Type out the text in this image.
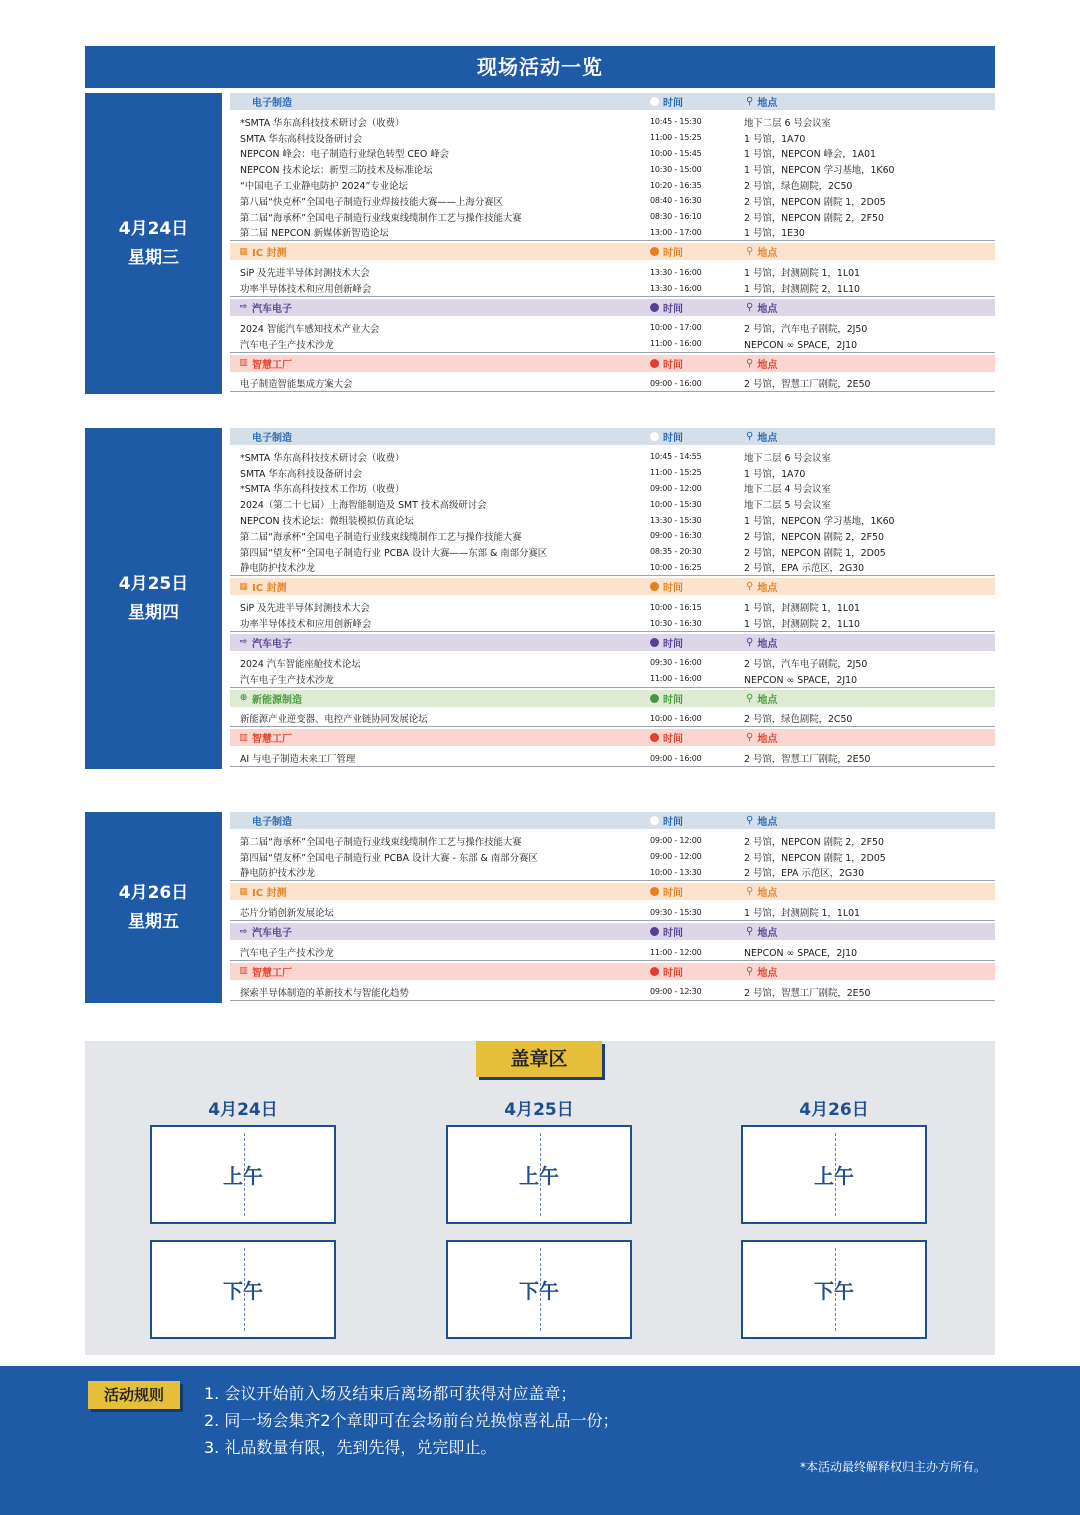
现场活动一览
4月24日
星期三
电子制造	时间	⚲ 地点
*SMTA 华东高科技技术研讨会（收费）	10:45 - 15:30	地下二层 6 号会议室
SMTA 华东高科技设备研讨会	11:00 - 15:25	1 号馆，1A70
NEPCON 峰会：电子制造行业绿色转型 CEO 峰会	10:00 - 15:45	1 号馆，NEPCON 峰会，1A01
NEPCON 技术论坛：新型三防技术及标准论坛	10:30 - 15:00	1 号馆，NEPCON 学习基地，1K60
“中国电子工业静电防护 2024”专业论坛	10:20 - 16:35	2 号馆，绿色剧院，2C50
第八届“快克杯”全国电子制造行业焊接技能大赛——上海分赛区	08:40 - 16:30	2 号馆，NEPCON 剧院 1，2D05
第二届“海承杯”全国电子制造行业线束线缆制作工艺与操作技能大赛	08:30 - 16:10	2 号馆，NEPCON 剧院 2，2F50
第二届 NEPCON 新媒体新智造论坛	13:00 - 17:00	1 号馆，1E30
▦ IC 封测	时间	⚲ 地点
SiP 及先进半导体封测技术大会	13:30 - 16:00	1 号馆，封测剧院 1，1L01
功率半导体技术和应用创新峰会	13:30 - 16:00	1 号馆，封测剧院 2，1L10
⇨ 汽车电子	时间	⚲ 地点
2024 智能汽车感知技术产业大会	10:00 - 17:00	2 号馆，汽车电子剧院，2J50
汽车电子生产技术沙龙	11:00 - 16:00	NEPCON ∞ SPACE，2J10
▥ 智慧工厂	时间	⚲ 地点
电子制造智能集成方案大会	09:00 - 16:00	2 号馆，智慧工厂剧院，2E50
4月25日
星期四
电子制造	时间	⚲ 地点
*SMTA 华东高科技技术研讨会（收费）	10:45 - 14:55	地下二层 6 号会议室
SMTA 华东高科技设备研讨会	11:00 - 15:25	1 号馆，1A70
*SMTA 华东高科技技术工作坊（收费）	09:00 - 12:00	地下二层 4 号会议室
2024（第二十七届）上海智能制造及 SMT 技术高级研讨会	10:00 - 15:30	地下二层 5 号会议室
NEPCON 技术论坛：微组装模拟仿真论坛	13:30 - 15:30	1 号馆，NEPCON 学习基地，1K60
第二届“海承杯”全国电子制造行业线束线缆制作工艺与操作技能大赛	09:00 - 16:30	2 号馆，NEPCON 剧院 2，2F50
第四届“望友杯”全国电子制造行业 PCBA 设计大赛——东部 & 南部分赛区	08:35 - 20:30	2 号馆，NEPCON 剧院 1，2D05
静电防护技术沙龙	10:00 - 16:25	2 号馆，EPA 示范区，2G30
▦ IC 封测	时间	⚲ 地点
SiP 及先进半导体封测技术大会	10:00 - 16:15	1 号馆，封测剧院 1，1L01
功率半导体技术和应用创新峰会	10:30 - 16:30	1 号馆，封测剧院 2，1L10
⇨ 汽车电子	时间	⚲ 地点
2024 汽车智能座舱技术论坛	09:30 - 16:00	2 号馆，汽车电子剧院，2J50
汽车电子生产技术沙龙	11:00 - 16:00	NEPCON ∞ SPACE，2J10
⊕ 新能源制造	时间	⚲ 地点
新能源产业逆变器、电控产业链协同发展论坛	10:00 - 16:00	2 号馆，绿色剧院，2C50
▥ 智慧工厂	时间	⚲ 地点
AI 与电子制造未来工厂管理	09:00 - 16:00	2 号馆，智慧工厂剧院，2E50
4月26日
星期五
电子制造	时间	⚲ 地点
第二届“海承杯”全国电子制造行业线束线缆制作工艺与操作技能大赛	09:00 - 12:00	2 号馆，NEPCON 剧院 2，2F50
第四届“望友杯”全国电子制造行业 PCBA 设计大赛 - 东部 & 南部分赛区	09:00 - 12:00	2 号馆，NEPCON 剧院 1，2D05
静电防护技术沙龙	10:00 - 13:30	2 号馆，EPA 示范区，2G30
▦ IC 封测	时间	⚲ 地点
芯片分销创新发展论坛	09:30 - 15:30	1 号馆，封测剧院 1，1L01
⇨ 汽车电子	时间	⚲ 地点
汽车电子生产技术沙龙	11:00 - 12:00	NEPCON ∞ SPACE，2J10
▥ 智慧工厂	时间	⚲ 地点
探索半导体制造的革新技术与智能化趋势	09:00 - 12:30	2 号馆，智慧工厂剧院，2E50
盖章区
4月24日
上午
下午
4月25日
上午
下午
4月26日
上午
下午
活动规则	1. 会议开始前入场及结束后离场都可获得对应盖章；
2. 同一场会集齐2个章即可在会场前台兑换惊喜礼品一份；
3. 礼品数量有限，先到先得，兑完即止。
*本活动最终解释权归主办方所有。
